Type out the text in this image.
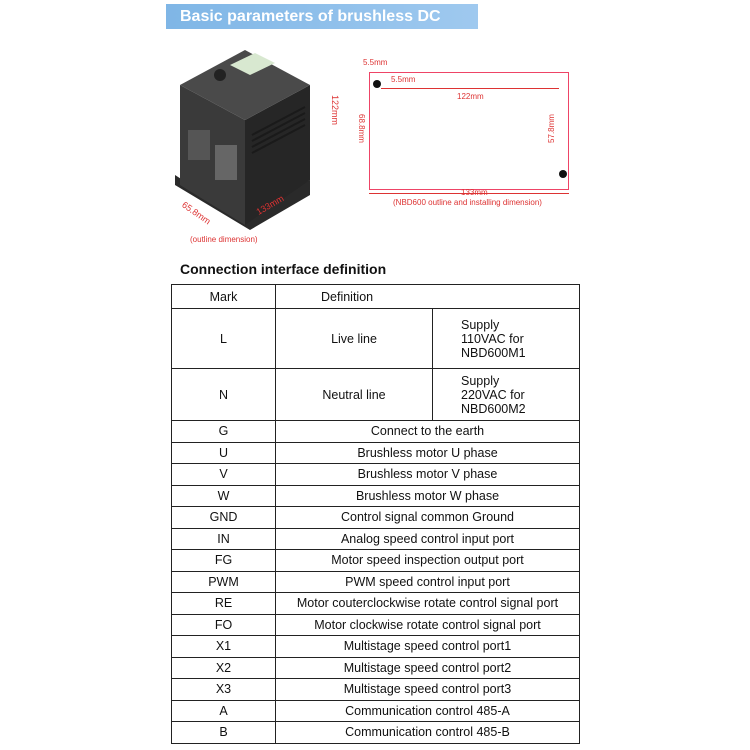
Basic parameters of brushless DC drive:
122mm
133mm
65.8mm
(outline dimension)
5.5mm
5.5mm
122mm
68.8mm	57.8mm
133mm
(NBD600 outline and installing dimension)
Connection interface definition
Mark	Definition	
L	Live line	Supply
110VAC for
NBD600M1

N	Neutral line	Supply
220VAC for
NBD600M2

G	Connect to the earth	
U	Brushless motor U phase	
V	Brushless motor V phase	
W	Brushless motor W phase	
GND	Control signal common Ground	
IN	Analog speed control input port	
FG	Motor speed inspection output port	
PWM	PWM speed control input port	
RE	Motor couterclockwise rotate control signal port	
FO	Motor clockwise rotate control signal port	
X1	Multistage speed control port1	
X2	Multistage speed control port2	
X3	Multistage speed control port3	
A	Communication control 485-A	
B	Communication control 485-B	
